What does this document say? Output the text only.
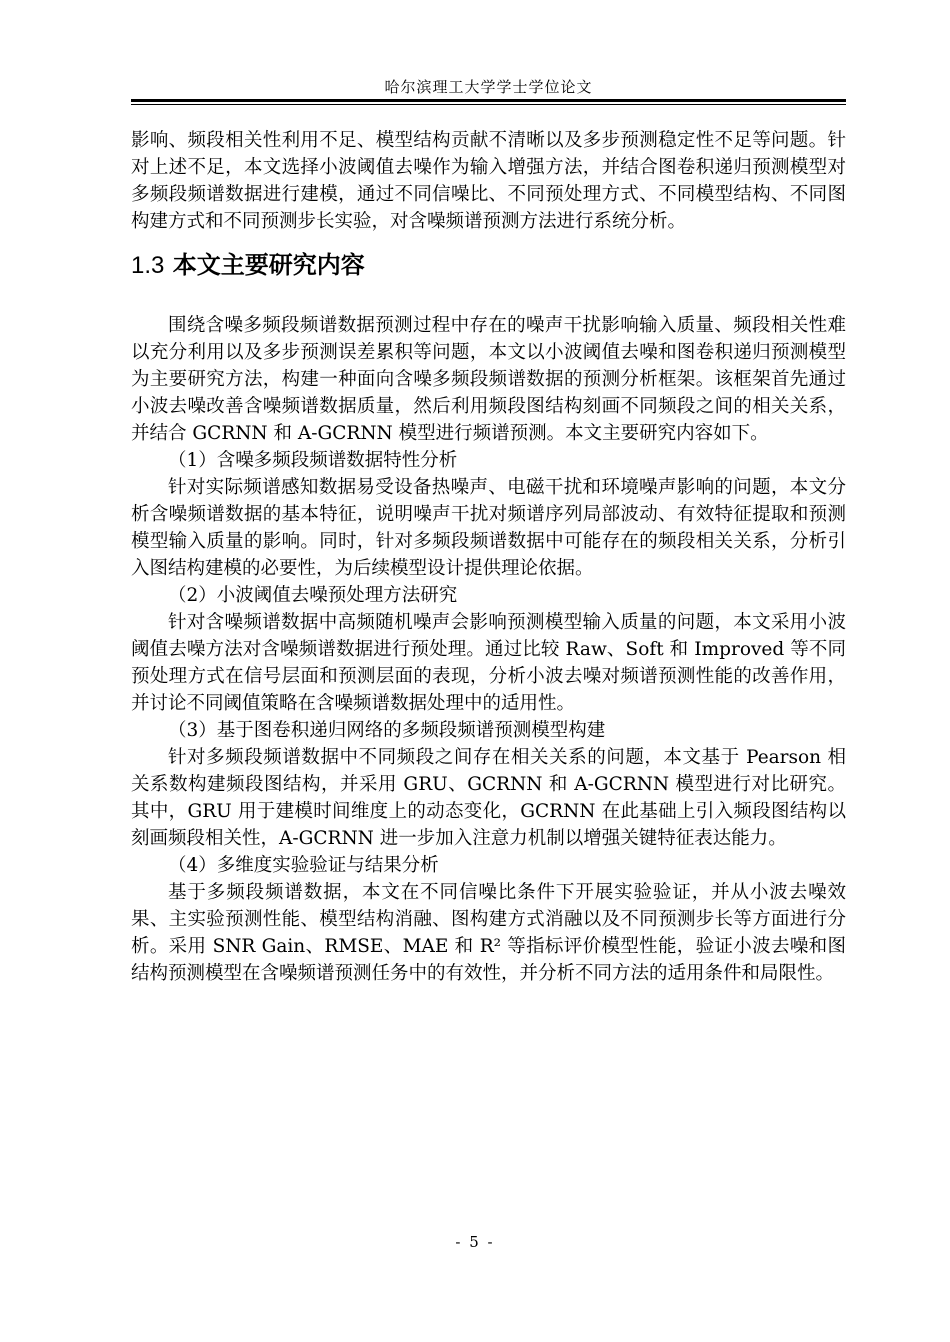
哈尔滨理工大学学士学位论文

影响、频段相关性利用不足、模型结构贡献不清晰以及多步预测稳定性不足等问题。针对上述不足，本文选择小波阈值去噪作为输入增强方法，并结合图卷积递归预测模型对多频段频谱数据进行建模，通过不同信噪比、不同预处理方式、不同模型结构、不同图构建方式和不同预测步长实验，对含噪频谱预测方法进行系统分析。

1.3 本文主要研究内容

围绕含噪多频段频谱数据预测过程中存在的噪声干扰影响输入质量、频段相关性难以充分利用以及多步预测误差累积等问题，本文以小波阈值去噪和图卷积递归预测模型为主要研究方法，构建一种面向含噪多频段频谱数据的预测分析框架。该框架首先通过小波去噪改善含噪频谱数据质量，然后利用频段图结构刻画不同频段之间的相关关系，并结合 GCRNN 和 A-GCRNN 模型进行频谱预测。本文主要研究内容如下。

（1）含噪多频段频谱数据特性分析

针对实际频谱感知数据易受设备热噪声、电磁干扰和环境噪声影响的问题，本文分析含噪频谱数据的基本特征，说明噪声干扰对频谱序列局部波动、有效特征提取和预测模型输入质量的影响。同时，针对多频段频谱数据中可能存在的频段相关关系，分析引入图结构建模的必要性，为后续模型设计提供理论依据。

（2）小波阈值去噪预处理方法研究

针对含噪频谱数据中高频随机噪声会影响预测模型输入质量的问题，本文采用小波阈值去噪方法对含噪频谱数据进行预处理。通过比较 Raw、Soft 和 Improved 等不同预处理方式在信号层面和预测层面的表现，分析小波去噪对频谱预测性能的改善作用，并讨论不同阈值策略在含噪频谱数据处理中的适用性。

（3）基于图卷积递归网络的多频段频谱预测模型构建

针对多频段频谱数据中不同频段之间存在相关关系的问题，本文基于 Pearson 相关系数构建频段图结构，并采用 GRU、GCRNN 和 A-GCRNN 模型进行对比研究。其中，GRU 用于建模时间维度上的动态变化，GCRNN 在此基础上引入频段图结构以刻画频段相关性，A-GCRNN 进一步加入注意力机制以增强关键特征表达能力。

（4）多维度实验验证与结果分析

基于多频段频谱数据，本文在不同信噪比条件下开展实验验证，并从小波去噪效果、主实验预测性能、模型结构消融、图构建方式消融以及不同预测步长等方面进行分析。采用 SNR Gain、RMSE、MAE 和 R² 等指标评价模型性能，验证小波去噪和图结构预测模型在含噪频谱预测任务中的有效性，并分析不同方法的适用条件和局限性。

- 5 -
